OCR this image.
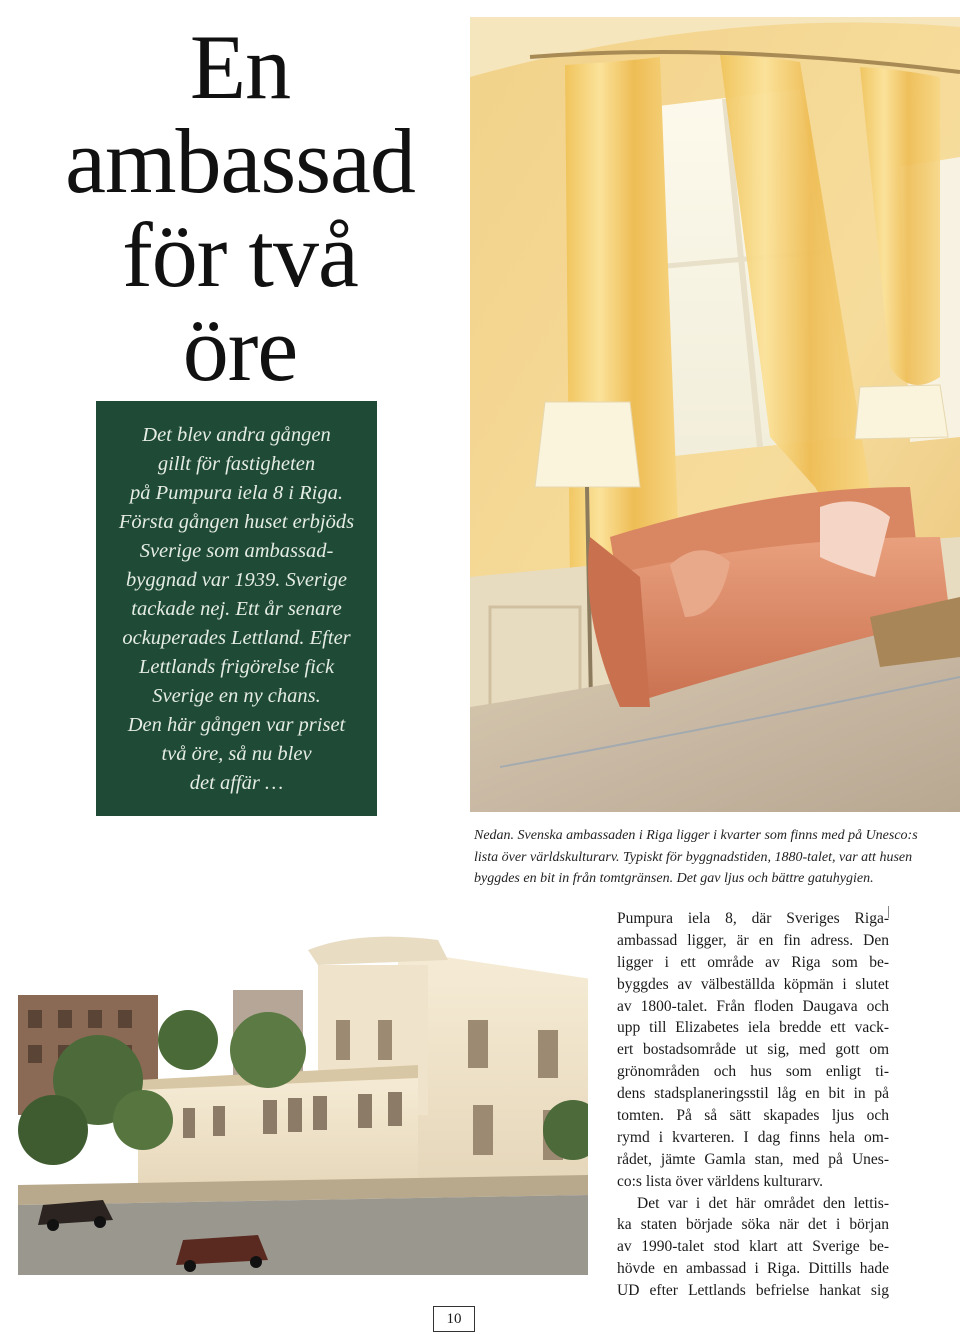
En
ambassad
för två
öre
Det blev andra gången
gillt för fastigheten
på Pumpura iela 8 i Riga.
Första gången huset erbjöds
Sverige som ambassad-
byggnad var 1939. Sverige
tackade nej. Ett år senare
ockuperades Lettland. Efter
Lettlands frigörelse fick
Sverige en ny chans.
Den här gången var priset
två öre, så nu blev
det affär …
Nedan. Svenska ambassaden i Riga ligger i kvarter som finns med på Unesco:s
lista över världskulturarv. Typiskt för byggnadstiden, 1880-talet, var att husen
byggdes en bit in från tomtgränsen. Det gav ljus och bättre gatuhygien.
Pumpura iela 8, där Sveriges Riga-
ambassad ligger, är en fin adress. Den
ligger i ett område av Riga som be-
byggdes av välbeställda köpmän i slutet
av 1800-talet. Från floden Daugava och
upp till Elizabetes iela bredde ett vack-
ert bostadsområde ut sig, med gott om
grönområden och hus som enligt ti-
dens stadsplaneringsstil låg en bit in på
tomten. På så sätt skapades ljus och
rymd i kvarteren. I dag finns hela om-
rådet, jämte Gamla stan, med på Unes-
co:s lista över världens kulturarv.
Det var i det här området den lettis-
ka staten började söka när det i början
av 1990-talet stod klart att Sverige be-
hövde en ambassad i Riga. Dittills hade
UD efter Lettlands befrielse hankat sig
10
